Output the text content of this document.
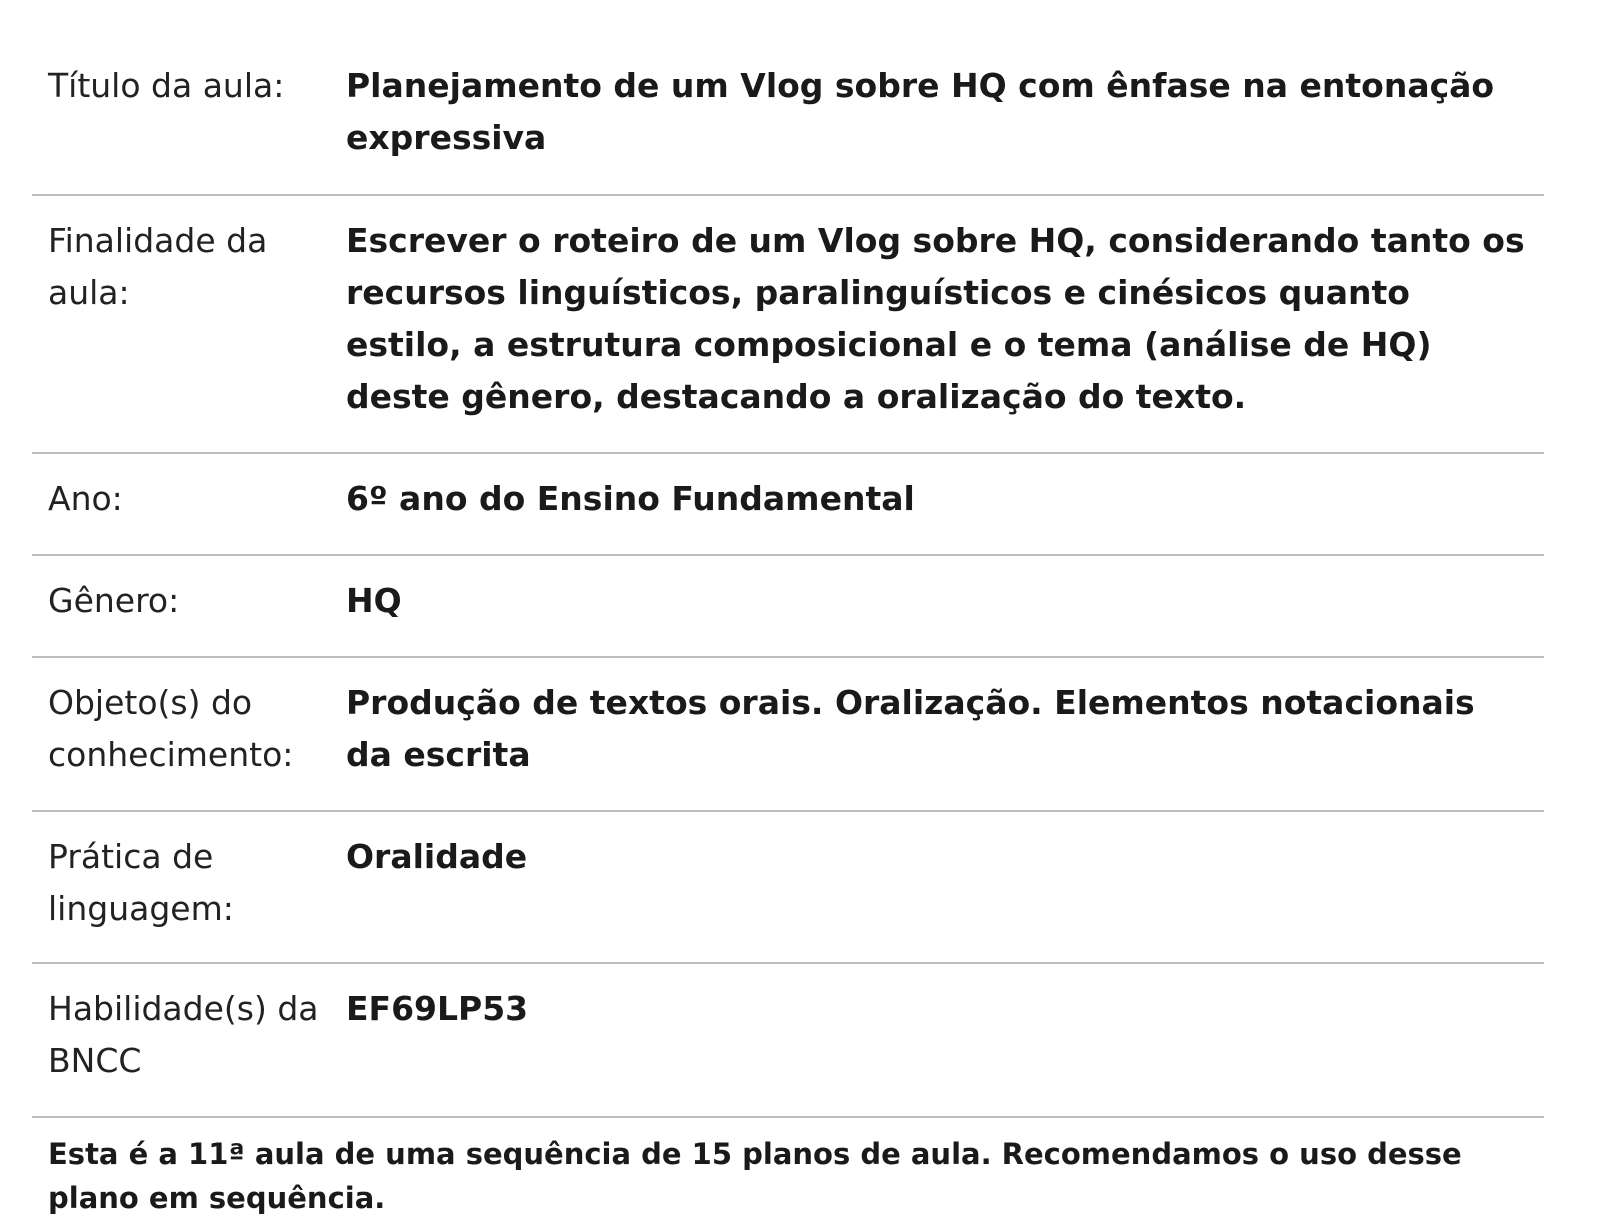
Título da aula:	Planejamento de um Vlog sobre HQ com ênfase na entonação expressiva
Finalidade da aula:	Escrever o roteiro de um Vlog sobre HQ, considerando tanto os recursos linguísticos, paralinguísticos e cinésicos quanto estilo, a estrutura composicional e o tema (análise de HQ) deste gênero, destacando a oralização do texto.
Ano:	6º ano do Ensino Fundamental
Gênero:	HQ
Objeto(s) do conhecimento:	Produção de textos orais. Oralização. Elementos notacionais da escrita
Prática de linguagem:	Oralidade
Habilidade(s) da BNCC	EF69LP53
Esta é a 11ª aula de uma sequência de 15 planos de aula. Recomendamos o uso desse plano em sequência.
